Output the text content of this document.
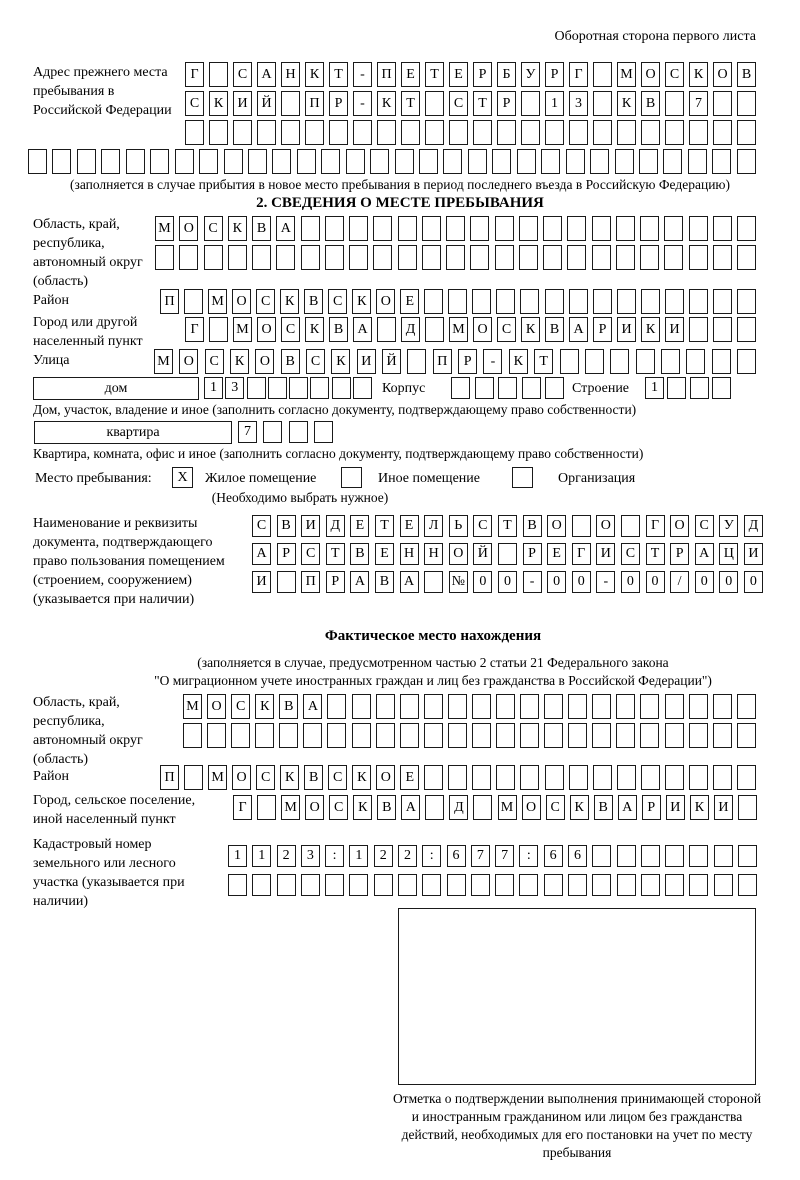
Оборотная сторона первого листа
Адрес прежнего места пребывания в Российской Федерации
Г	С	А Н	К	Т	-	П	Е	Т	Е	Р	Б	У	Р	Г	М О	С	К	О	В
С	К	И Й	П	Р	-	К	Т	С	Т	Р	1	3	К	В	7
(заполняется в случае прибытия в новое место пребывания в период последнего въезда в Российскую Федерацию)
2. СВЕДЕНИЯ О МЕСТЕ ПРЕБЫВАНИЯ
Область, край, республика, автономный округ (область)
М О	С	К	В	А
Район	П	М О	С	К	В	С	К	О	Е
Город или другой населенный пункт
Г	М О	С	К	В	А	Д	М О	С	К	В	А	Р	И	К	И
Улица	М	О	С	К	О	В	С	К	И	Й	П	Р	-	К	Т
дом	1	3	Корпус	Строение	1
Дом, участок, владение и иное (заполнить согласно документу, подтверждающему право собственности)
квартира	7
Квартира, комната, офис и иное (заполнить согласно документу, подтверждающему право собственности)
Место пребывания:	X	Жилое помещение	Иное помещение	Организация
(Необходимо выбрать нужное)
Наименование и реквизиты документа, подтверждающего право пользования помещением (строением, сооружением) (указывается при наличии)
С	В	И	Д	Е	Т	Е	Л	Ь	С	Т	В	О	О	Г	О	С	У	Д
А	Р	С	Т	В	Е	Н	Н	О	Й	Р	Е	Г	И	С	Т	Р	А	Ц	И
И	П	Р	А	В	А	№	0	0	-	0	0	-	0	0	/	0	0	0
Фактическое место нахождения
(заполняется в случае, предусмотренном частью 2 статьи 21 Федерального закона
"О миграционном учете иностранных граждан и лиц без гражданства в Российской Федерации")
Область, край, республика, автономный округ (область)
М О	С	К	В	А
Район	П	М О	С	К	В	С	К	О	Е
Город, сельское поселение, иной населенный пункт
Г	М О	С	К	В	А	Д	М О	С	К	В	А	Р	И	К	И
Кадастровый номер земельного или лесного участка (указывается при наличии)
1	1	2	3	:	1	2	2	:	6	7	7	:	6	6
Отметка о подтверждении выполнения принимающей стороной и иностранным гражданином или лицом без гражданства действий, необходимых для его постановки на учет по месту пребывания
